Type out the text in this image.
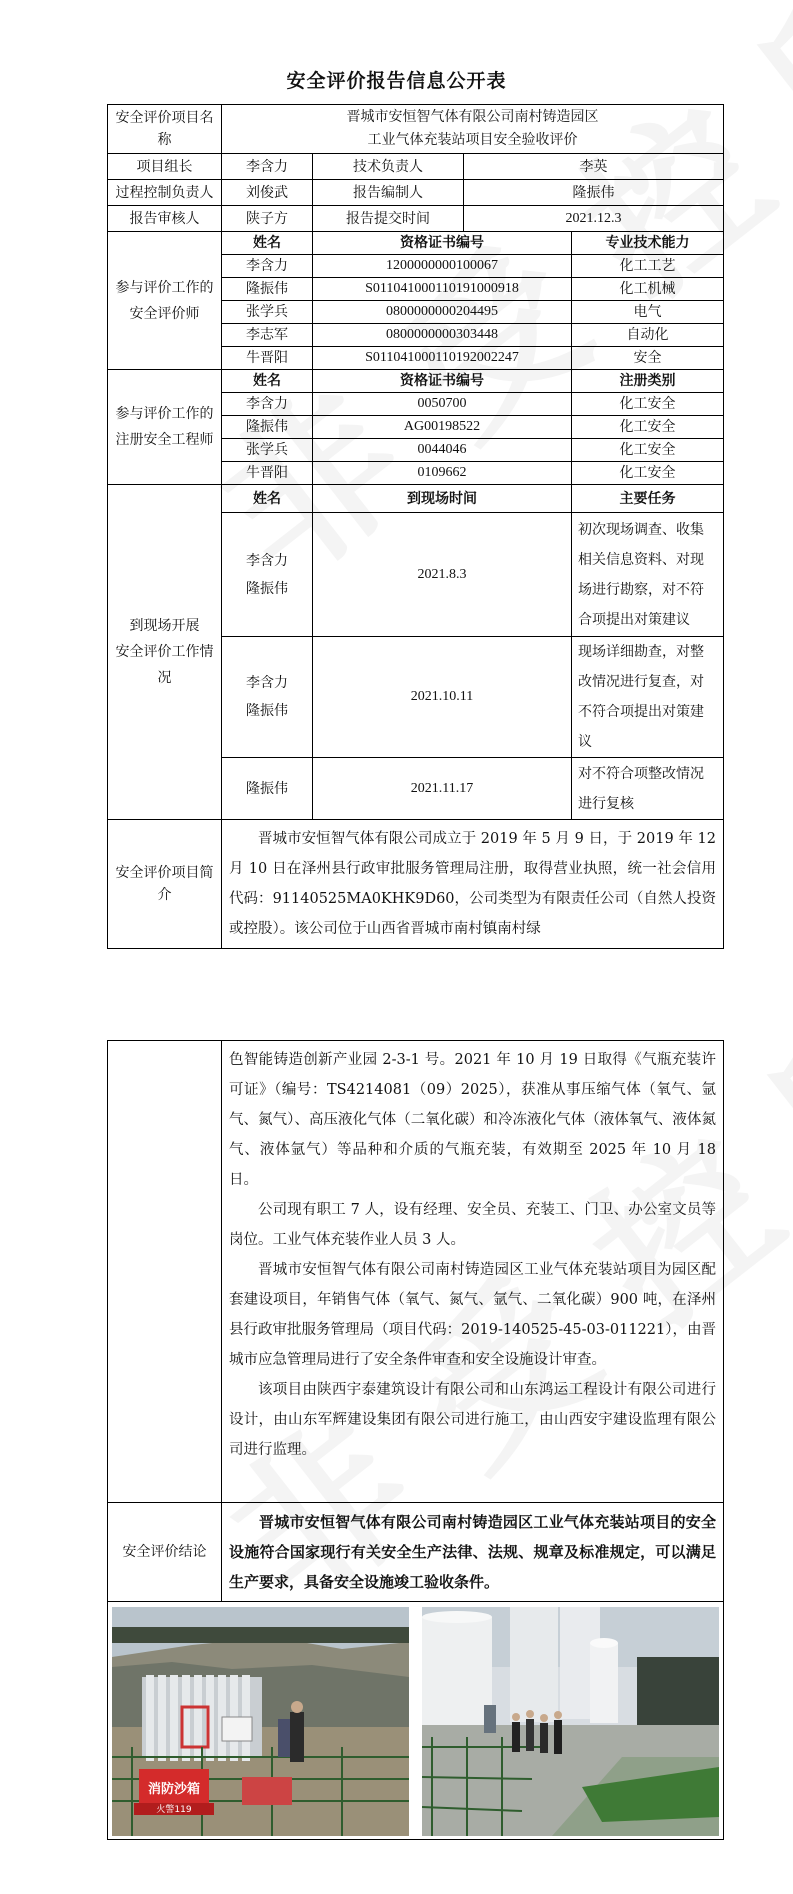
安全评价报告信息公开表
安全评价项目名称	晋城市安恒智气体有限公司南村铸造园区
工业气体充装站项目安全验收评价			

项目组长	李含力	技术负责人	李英	
过程控制负责人	刘俊武	报告编制人	隆振伟	
报告审核人	陕子方	报告提交时间	2021.12.3	

参与评价工作的
安全评价师	姓名	资格证书编号		专业技术能力
	李含力	1200000000100067		化工工艺
	隆振伟	S011041000110191000918		化工机械
	张学兵	0800000000204495		电气
	李志军	0800000000303448		自动化
	牛晋阳	S011041000110192002247		安全

参与评价工作的
注册安全工程师	姓名	资格证书编号		注册类别
	李含力	0050700		化工安全
	隆振伟	AG00198522		化工安全
	张学兵	0044046		化工安全
	牛晋阳	0109662		化工安全

到现场开展
安全评价工作情况	姓名	到现场时间		主要任务

	李含力
隆振伟	2021.8.3		初次现场调查、收集相关信息资料、对现场进行勘察，对不符合项提出对策建议

	李含力
隆振伟	2021.10.11		现场详细勘查，对整改情况进行复查，对不符合项提出对策建议
	隆振伟	2021.11.17		对不符合项整改情况进行复核
安全评价项目简介	晋城市安恒智气体有限公司成立于 2019 年 5 月 9 日，于 2019 年 12 月 10 日在泽州县行政审批服务管理局注册，取得营业执照，统一社会信用代码：91140525MA0KHK9D60，公司类型为有限责任公司（自然人投资或控股）。该公司位于山西省晋城市南村镇南村绿			

	色智能铸造创新产业园 2-3-1 号。2021 年 10 月 19 日取得《气瓶充装许可证》（编号：TS4214081（09）2025），获准从事压缩气体（氧气、氩气、氮气）、高压液化气体（二氧化碳）和冷冻液化气体（液体氧气、液体氮气、液体氩气）等品种和介质的气瓶充装，有效期至 2025 年 10 月 18 日。

公司现有职工 7 人，设有经理、安全员、充装工、门卫、办公室文员等岗位。工业气体充装作业人员 3 人。

晋城市安恒智气体有限公司南村铸造园区工业气体充装站项目为园区配套建设项目，年销售气体（氧气、氮气、氩气、二氧化碳）900 吨，在泽州县行政审批服务管理局（项目代码：2019-140525-45-03-011221），由晋城市应急管理局进行了安全条件审查和安全设施设计审查。

该项目由陕西宇泰建筑设计有限公司和山东鸿运工程设计有限公司进行设计，由山东军辉建设集团有限公司进行施工，由山西安宇建设监理有限公司进行监理。

安全评价结论	晋城市安恒智气体有限公司南村铸造园区工业气体充装站项目的安全设施符合国家现行有关安全生产法律、法规、规章及标准规定，可以满足生产要求，具备安全设施竣工验收条件。

消防沙箱
火警119	
